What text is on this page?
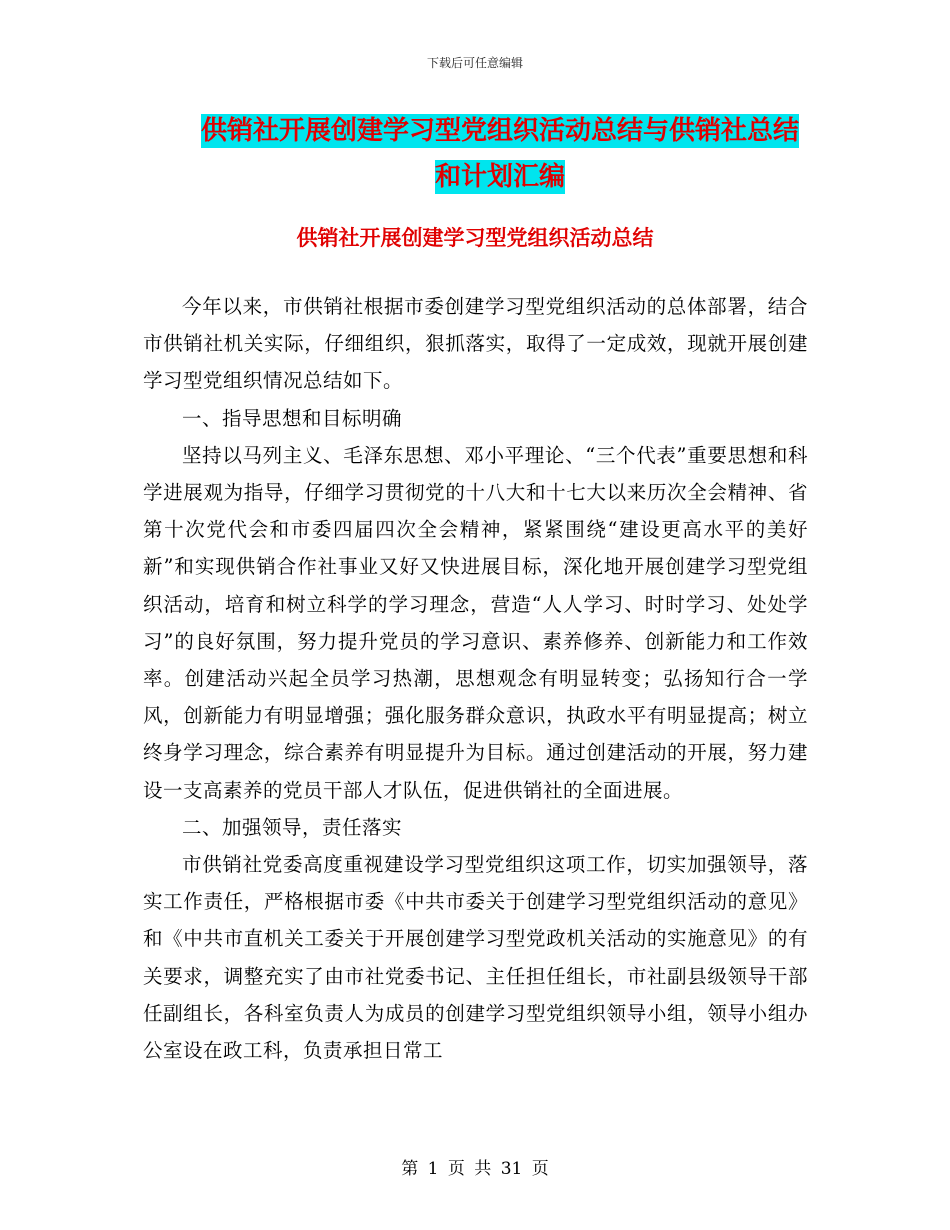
下载后可任意编辑
供销社开展创建学习型党组织活动总结与供销社总结
和计划汇编
供销社开展创建学习型党组织活动总结

今年以来，市供销社根据市委创建学习型党组织活动的总体部署，结合市供销社机关实际，仔细组织，狠抓落实，取得了一定成效，现就开展创建学习型党组织情况总结如下。

一、指导思想和目标明确

坚持以马列主义、毛泽东思想、邓小平理论、“三个代表”重要思想和科学进展观为指导，仔细学习贯彻党的十八大和十七大以来历次全会精神、省第十次党代会和市委四届四次全会精神，紧紧围绕“建设更高水平的美好新”和实现供销合作社事业又好又快进展目标，深化地开展创建学习型党组织活动，培育和树立科学的学习理念，营造“人人学习、时时学习、处处学习”的良好氛围，努力提升党员的学习意识、素养修养、创新能力和工作效率。创建活动兴起全员学习热潮，思想观念有明显转变；弘扬知行合一学风，创新能力有明显增强；强化服务群众意识，执政水平有明显提高；树立终身学习理念，综合素养有明显提升为目标。通过创建活动的开展，努力建设一支高素养的党员干部人才队伍，促进供销社的全面进展。

二、加强领导，责任落实

市供销社党委高度重视建设学习型党组织这项工作，切实加强领导，落实工作责任，严格根据市委《中共市委关于创建学习型党组织活动的意见》和《中共市直机关工委关于开展创建学习型党政机关活动的实施意见》的有关要求，调整充实了由市社党委书记、主任担任组长，市社副县级领导干部任副组长，各科室负责人为成员的创建学习型党组织领导小组，领导小组办公室设在政工科，负责承担日常工

第 1 页 共 31 页
